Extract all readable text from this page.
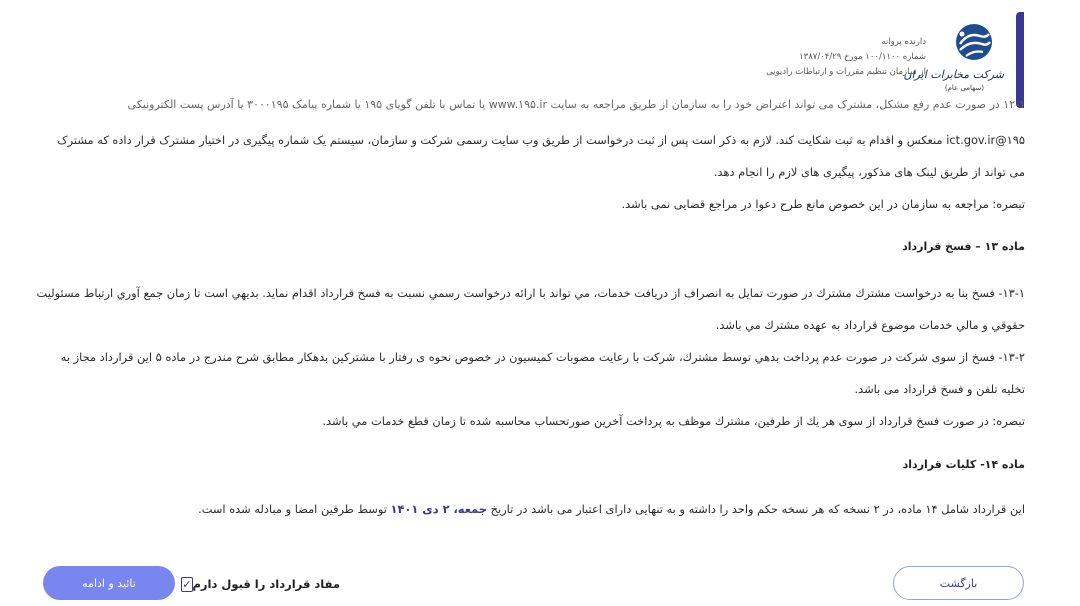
شرکت مخابرات ایران
(سهامی عام)
دارنده پروانه
شماره ۱۰۰/۱۱۰۰ مورخ ۱۳۸۷/۰۴/۲۹
از سازمان تنظیم مقررات و ارتباطات رادیویی
۱۲-۱ در صورت عدم رفع مشکل، مشترک می تواند اعتراض خود را به سازمان از طریق مراجعه به سایت www.۱۹۵.ir یا تماس با تلفن گویای ۱۹۵ یا شماره پیامک ۳۰۰۰۱۹۵ یا آدرس پست الکترونیکی
ict.gov.ir@۱۹۵ منعکس و اقدام به ثبت شکایت کند. لازم به ذکر است پس از ثبت درخواست از طریق وب سایت رسمی شرکت و سازمان، سیستم یک شماره پیگیری در اختیار مشترک قرار داده که مشترک
می تواند از طریق لینک های مذکور، پیگیری های لازم را انجام دهد.
تبصره: مراجعه به سازمان در این خصوص مانع طرح دعوا در مراجع قضایی نمی باشد.
ماده ۱۳ – فسخ قرارداد
۱۳-۱- فسخ بنا به درخواست مشترك مشترك در صورت تمايل به انصراف از دريافت خدمات، مي تواند با ارائه درخواست رسمي نسبت به فسخ قرارداد اقدام نمايد. بديهي است تا زمان جمع آوري ارتباط مسئوليت
حقوقي و مالي خدمات موضوع قرارداد به عهده مشترك مي باشد.
۱۳-۲- فسخ از سوی شرکت در صورت عدم پرداخت بدهي توسط مشترك، شرکت با رعایت مصوبات کمیسیون در خصوص نحوه ی رفتار با مشترکین بدهکار مطابق شرح مندرج در ماده ۵ این قرارداد مجاز به
تخلیه تلفن و فسخ قرارداد می باشد.
تبصره: در صورت فسخ قرارداد از سوی هر يك از طرفين، مشترك موظف به پرداخت آخرين صورتحساب محاسبه شده تا زمان قطع خدمات مي باشد.
ماده ۱۴- کلیات قرارداد
این قرارداد شامل ۱۴ ماده، در ۲ نسخه که هر نسخه حکم واحد را داشته و به تنهایی دارای اعتبار می باشد در تاریخ جمعه، ۲ دی ۱۴۰۱ توسط طرفین امضا و مبادله شده است.
تائید و ادامه	مفاد قرارداد را قبول دارم
✓	بازگشت
